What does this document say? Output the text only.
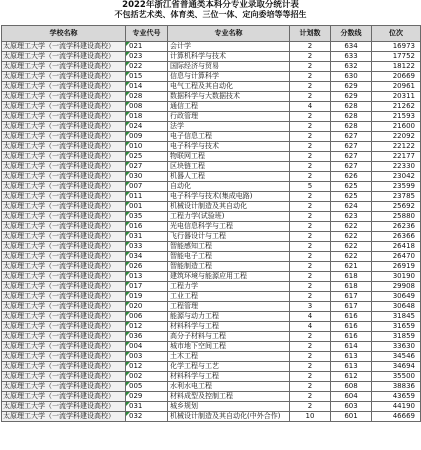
2022年浙江省普通类本科分专业录取分统计表
不包括艺术类、体育类、三位一体、定向委培等等招生
学校名称	专业代号	专业名称	计划数	分数线	位次
太原理工大学（一流学科建设高校）	021	会计学	2	634	16973
太原理工大学（一流学科建设高校）	023	计算机科学与技术	2	633	17752
太原理工大学（一流学科建设高校）	022	国际经济与贸易	2	632	18122
太原理工大学（一流学科建设高校）	015	信息与计算科学	2	630	20669
太原理工大学（一流学科建设高校）	014	电气工程及其自动化	2	629	20961
太原理工大学（一流学科建设高校）	028	数据科学与大数据技术	2	629	20311
太原理工大学（一流学科建设高校）	008	通信工程	4	628	21262
太原理工大学（一流学科建设高校）	018	行政管理	2	628	21593
太原理工大学（一流学科建设高校）	024	法学	2	628	21600
太原理工大学（一流学科建设高校）	009	电子信息工程	2	627	22092
太原理工大学（一流学科建设高校）	010	电子科学与技术	2	627	22122
太原理工大学（一流学科建设高校）	025	物联网工程	2	627	22177
太原理工大学（一流学科建设高校）	027	区块链工程	2	627	22330
太原理工大学（一流学科建设高校）	030	机器人工程	2	626	23042
太原理工大学（一流学科建设高校）	007	自动化	5	625	23599
太原理工大学（一流学科建设高校）	011	电子科学与技术(集成电路)	2	625	23785
太原理工大学（一流学科建设高校）	001	机械设计制造及其自动化	2	624	25692
太原理工大学（一流学科建设高校）	035	工程力学(试验班)	2	623	25880
太原理工大学（一流学科建设高校）	016	光电信息科学与工程	2	622	26236
太原理工大学（一流学科建设高校）	031	飞行器设计与工程	2	622	26366
太原理工大学（一流学科建设高校）	033	智能感知工程	2	622	26418
太原理工大学（一流学科建设高校）	034	智能电子工程	2	622	26470
太原理工大学（一流学科建设高校）	026	智能制造工程	2	621	26919
太原理工大学（一流学科建设高校）	013	建筑环境与能源应用工程	2	618	30190
太原理工大学（一流学科建设高校）	017	工程力学	2	618	29908
太原理工大学（一流学科建设高校）	019	工业工程	2	617	30649
太原理工大学（一流学科建设高校）	020	工程管理	3	617	30648
太原理工大学（一流学科建设高校）	006	能源与动力工程	4	616	31845
太原理工大学（一流学科建设高校）	012	材料科学与工程	4	616	31659
太原理工大学（一流学科建设高校）	036	高分子材料与工程	2	616	31859
太原理工大学（一流学科建设高校）	004	城市地下空间工程	2	614	33630
太原理工大学（一流学科建设高校）	003	土木工程	2	613	34546
太原理工大学（一流学科建设高校）	012	化学工程与工艺	2	613	34694
太原理工大学（一流学科建设高校）	002	材料科学与工程	2	612	35500
太原理工大学（一流学科建设高校）	005	水利水电工程	2	608	38836
太原理工大学（一流学科建设高校）	029	材料成型及控制工程	2	604	43659
太原理工大学（一流学科建设高校）	031	城乡规划	2	603	44190
太原理工大学（一流学科建设高校）	032	机械设计制造及其自动化(中外合作)	10	601	46669
